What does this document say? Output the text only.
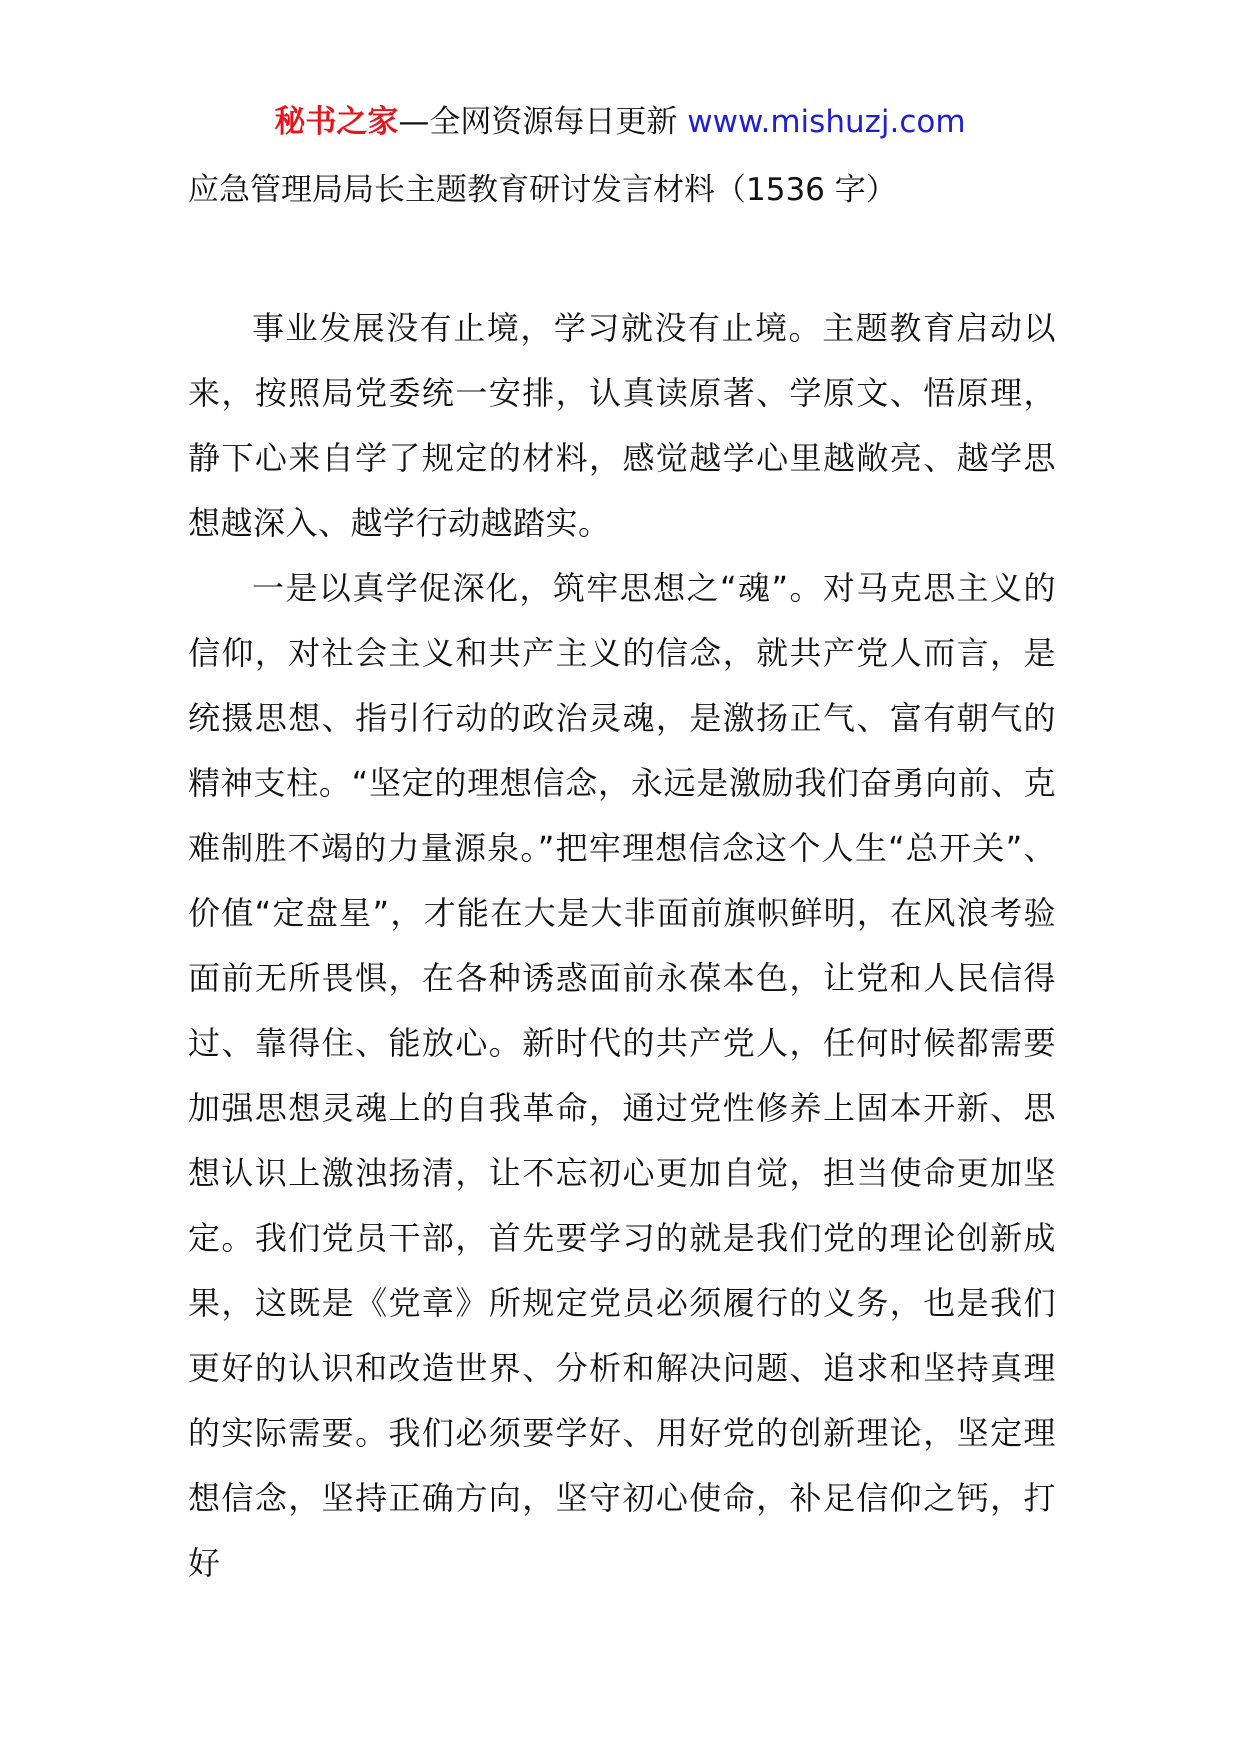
秘书之家—全网资源每日更新 www.mishuzj.com
应急管理局局长主题教育研讨发言材料（1536 字）

事业发展没有止境，学习就没有止境。主题教育启动以来，按照局党委统一安排，认真读原著、学原文、悟原理，静下心来自学了规定的材料，感觉越学心里越敞亮、越学思想越深入、越学行动越踏实。

一是以真学促深化，筑牢思想之“魂”。对马克思主义的信仰，对社会主义和共产主义的信念，就共产党人而言，是统摄思想、指引行动的政治灵魂，是激扬正气、富有朝气的精神支柱。“坚定的理想信念，永远是激励我们奋勇向前、克难制胜不竭的力量源泉。”把牢理想信念这个人生“总开关”、价值“定盘星”，才能在大是大非面前旗帜鲜明，在风浪考验面前无所畏惧，在各种诱惑面前永葆本色，让党和人民信得过、靠得住、能放心。新时代的共产党人，任何时候都需要加强思想灵魂上的自我革命，通过党性修养上固本开新、思想认识上激浊扬清，让不忘初心更加自觉，担当使命更加坚定。我们党员干部，首先要学习的就是我们党的理论创新成果，这既是《党章》所规定党员必须履行的义务，也是我们更好的认识和改造世界、分析和解决问题、追求和坚持真理的实际需要。我们必须要学好、用好党的创新理论，坚定理想信念，坚持正确方向，坚守初心使命，补足信仰之钙，打好
